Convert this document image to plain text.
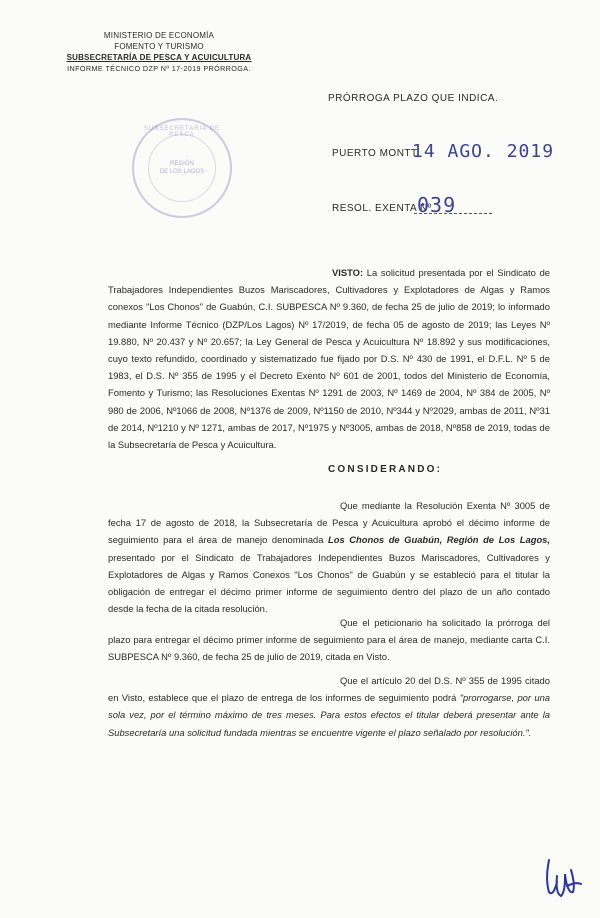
MINISTERIO DE ECONOMÍA
FOMENTO Y TURISMO
SUBSECRETARÍA DE PESCA Y ACUICULTURA
INFORME TÉCNICO DZP Nº 17-2019 PRÓRROGA.
SUBSECRETARIA DE PESCA
REGIÓN
DE LOS LAGOS
PRÓRROGA PLAZO QUE INDICA.
PUERTO MONTT,
14 AGO. 2019
RESOL. EXENTA Nº
039
VISTO: La solicitud presentada por el Sindicato de Trabajadores Independientes Buzos Mariscadores, Cultivadores y Explotadores de Algas y Ramos conexos "Los Chonos" de Guabún, C.I. SUBPESCA Nº 9.360, de fecha 25 de julio de 2019; lo informado mediante Informe Técnico (DZP/Los Lagos) Nº 17/2019, de fecha 05 de agosto de 2019; las Leyes Nº 19.880, Nº 20.437 y Nº 20.657; la Ley General de Pesca y Acuicultura Nº 18.892 y sus modificaciones, cuyo texto refundido, coordinado y sistematizado fue fijado por D.S. Nº 430 de 1991, el D.F.L. Nº 5 de 1983, el D.S. Nº 355 de 1995 y el Decreto Exento Nº 601 de 2001, todos del Ministerio de Economía, Fomento y Turismo; las Resoluciones Exentas Nº 1291 de 2003, Nº 1469 de 2004, Nº 384 de 2005, Nº 980 de 2006, Nº1066 de 2008, Nº1376 de 2009, Nº1150 de 2010, Nº344 y Nº2029, ambas de 2011, Nº31 de 2014, Nº1210 y Nº 1271, ambas de 2017, Nº1975 y Nº3005, ambas de 2018, Nº858 de 2019, todas de la Subsecretaría de Pesca y Acuicultura.
CONSIDERANDO:
Que mediante la Resolución Exenta Nº 3005 de fecha 17 de agosto de 2018, la Subsecretaría de Pesca y Acuicultura aprobó el décimo informe de seguimiento para el área de manejo denominada Los Chonos de Guabún, Región de Los Lagos, presentado por el Sindicato de Trabajadores Independientes Buzos Mariscadores, Cultivadores y Explotadores de Algas y Ramos Conexos "Los Chonos" de Guabún y se estableció para el titular la obligación de entregar el décimo primer informe de seguimiento dentro del plazo de un año contado desde la fecha de la citada resolución.
Que el peticionario ha solicitado la prórroga del plazo para entregar el décimo primer informe de seguimiento para el área de manejo, mediante carta C.I. SUBPESCA Nº 9.360, de fecha 25 de julio de 2019, citada en Visto.
Que el artículo 20 del D.S. Nº 355 de 1995 citado en Visto, establece que el plazo de entrega de los informes de seguimiento podrá "prorrogarse, por una sola vez, por el término máximo de tres meses. Para estos efectos el titular deberá presentar ante la Subsecretaría una solicitud fundada mientras se encuentre vigente el plazo señalado por resolución.".
